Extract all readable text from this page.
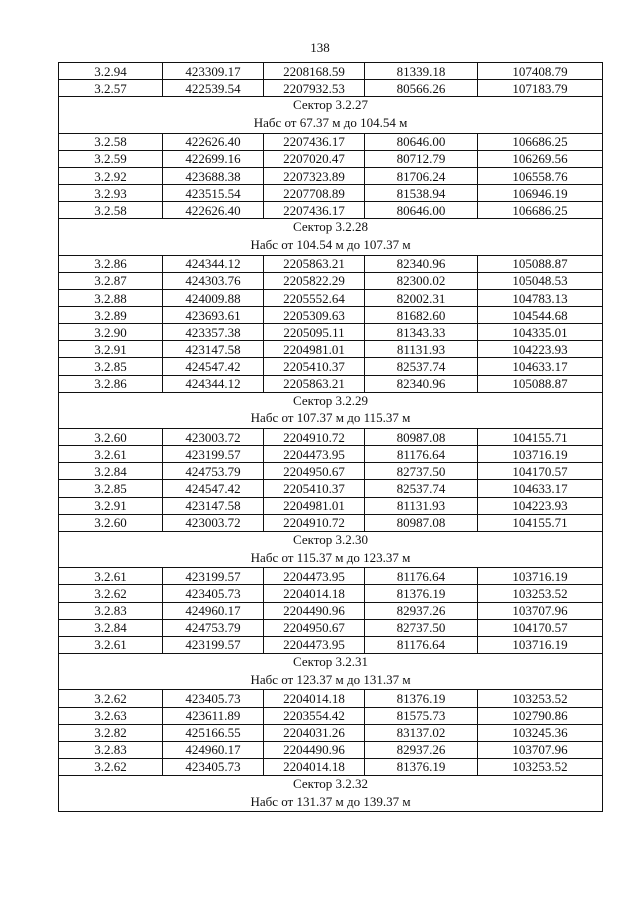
138
3.2.94	423309.17	2208168.59	81339.18	107408.79
3.2.57	422539.54	2207932.53	80566.26	107183.79

Сектор 3.2.27
Набс от 67.37 м до 104.54 м				

3.2.58	422626.40	2207436.17	80646.00	106686.25
3.2.59	422699.16	2207020.47	80712.79	106269.56
3.2.92	423688.38	2207323.89	81706.24	106558.76
3.2.93	423515.54	2207708.89	81538.94	106946.19
3.2.58	422626.40	2207436.17	80646.00	106686.25

Сектор 3.2.28
Набс от 104.54 м до 107.37 м				

3.2.86	424344.12	2205863.21	82340.96	105088.87
3.2.87	424303.76	2205822.29	82300.02	105048.53
3.2.88	424009.88	2205552.64	82002.31	104783.13
3.2.89	423693.61	2205309.63	81682.60	104544.68
3.2.90	423357.38	2205095.11	81343.33	104335.01
3.2.91	423147.58	2204981.01	81131.93	104223.93
3.2.85	424547.42	2205410.37	82537.74	104633.17
3.2.86	424344.12	2205863.21	82340.96	105088.87

Сектор 3.2.29
Набс от 107.37 м до 115.37 м				

3.2.60	423003.72	2204910.72	80987.08	104155.71
3.2.61	423199.57	2204473.95	81176.64	103716.19
3.2.84	424753.79	2204950.67	82737.50	104170.57
3.2.85	424547.42	2205410.37	82537.74	104633.17
3.2.91	423147.58	2204981.01	81131.93	104223.93
3.2.60	423003.72	2204910.72	80987.08	104155.71

Сектор 3.2.30
Набс от 115.37 м до 123.37 м				

3.2.61	423199.57	2204473.95	81176.64	103716.19
3.2.62	423405.73	2204014.18	81376.19	103253.52
3.2.83	424960.17	2204490.96	82937.26	103707.96
3.2.84	424753.79	2204950.67	82737.50	104170.57
3.2.61	423199.57	2204473.95	81176.64	103716.19

Сектор 3.2.31
Набс от 123.37 м до 131.37 м				

3.2.62	423405.73	2204014.18	81376.19	103253.52
3.2.63	423611.89	2203554.42	81575.73	102790.86
3.2.82	425166.55	2204031.26	83137.02	103245.36
3.2.83	424960.17	2204490.96	82937.26	103707.96
3.2.62	423405.73	2204014.18	81376.19	103253.52

Сектор 3.2.32
Набс от 131.37 м до 139.37 м				
